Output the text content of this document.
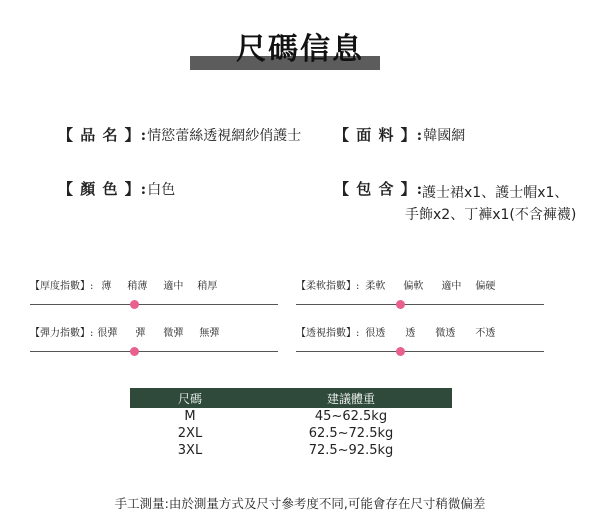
尺碼信息
【 品 名 】:情慾蕾絲透視網紗俏護士 【 面 料 】:韓國網
【 顏 色 】:白色	【 包 含 】:
護士裙x1、護士帽x1、
手飾x2、丁褲x1(不含褲襪)
【厚度指數】: 薄 稍薄 適中 稍厚	【柔軟指數】: 柔軟 偏軟 適中 偏硬
【彈力指數】: 很彈 彈 微彈 無彈	【透視指數】: 很透 透 微透 不透
尺碼	建議體重
M	45~62.5kg
2XL	62.5~72.5kg
3XL	72.5~92.5kg
手工測量:由於測量方式及尺寸參考度不同,可能會存在尺寸稍微偏差
